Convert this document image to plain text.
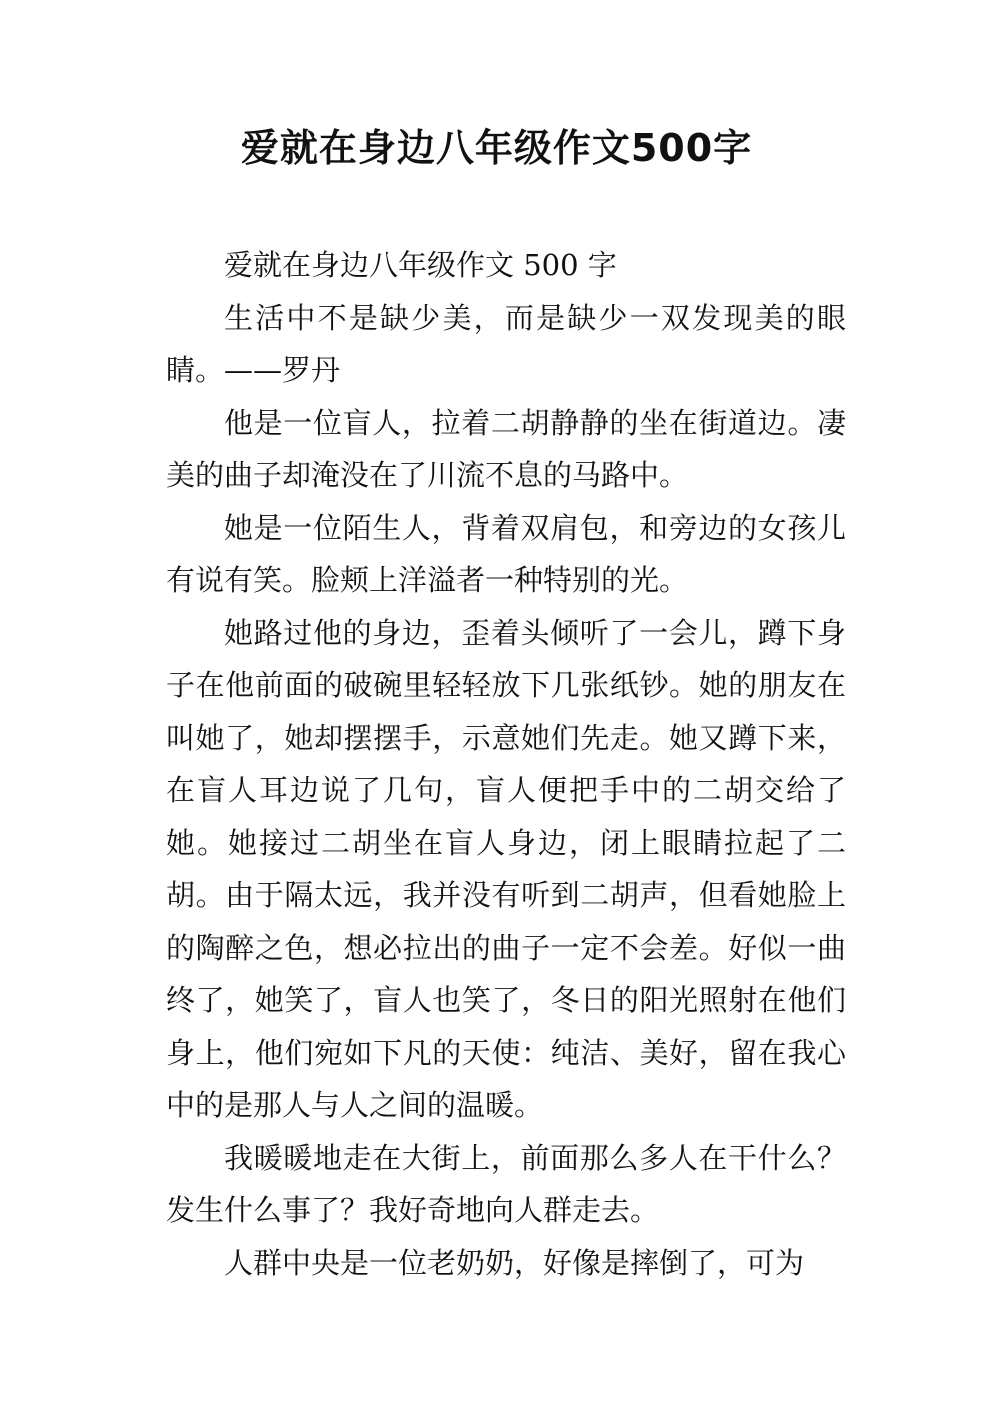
爱就在身边八年级作文500字

爱就在身边八年级作文 500 字

生活中不是缺少美，而是缺少一双发现美的眼睛。——罗丹

他是一位盲人，拉着二胡静静的坐在街道边。凄美的曲子却淹没在了川流不息的马路中。

她是一位陌生人，背着双肩包，和旁边的女孩儿有说有笑。脸颊上洋溢者一种特别的光。

她路过他的身边，歪着头倾听了一会儿，蹲下身子在他前面的破碗里轻轻放下几张纸钞。她的朋友在叫她了，她却摆摆手，示意她们先走。她又蹲下来，在盲人耳边说了几句，盲人便把手中的二胡交给了她。她接过二胡坐在盲人身边，闭上眼睛拉起了二胡。由于隔太远，我并没有听到二胡声，但看她脸上的陶醉之色，想必拉出的曲子一定不会差。好似一曲终了，她笑了，盲人也笑了，冬日的阳光照射在他们身上，他们宛如下凡的天使：纯洁、美好，留在我心中的是那人与人之间的温暖。

我暖暖地走在大街上，前面那么多人在干什么？发生什么事了？我好奇地向人群走去。

人群中央是一位老奶奶，好像是摔倒了，可为
